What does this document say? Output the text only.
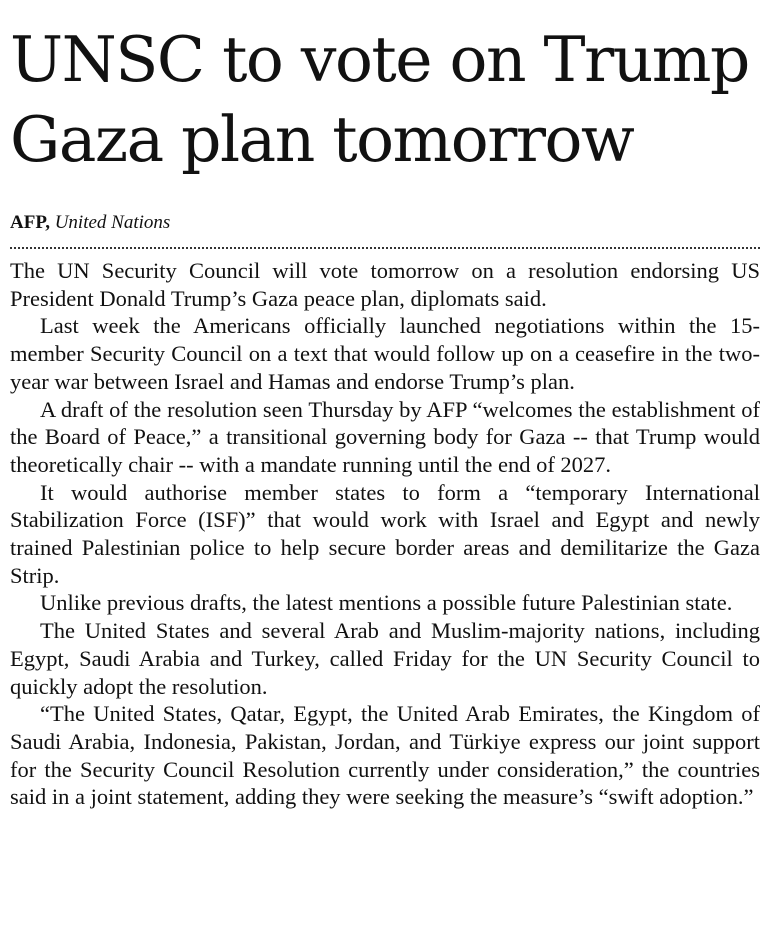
UNSC to vote on Trump Gaza plan tomorrow
AFP, United Nations

The UN Security Council will vote tomorrow on a resolution endorsing US President Donald Trump’s Gaza peace plan, diplomats said.

Last week the Americans officially launched negotiations within the 15-member Security Council on a text that would follow up on a ceasefire in the two-year war between Israel and Hamas and endorse Trump’s plan.

A draft of the resolution seen Thursday by AFP “welcomes the establishment of the Board of Peace,” a transitional governing body for Gaza -- that Trump would theoretically chair -- with a mandate running until the end of 2027.

It would authorise member states to form a “temporary International Stabilization Force (ISF)” that would work with Israel and Egypt and newly trained Palestinian police to help secure border areas and demilitarize the Gaza Strip.

Unlike previous drafts, the latest mentions a possible future Palestinian state.

The United States and several Arab and Muslim-majority nations, including Egypt, Saudi Arabia and Turkey, called Friday for the UN Security Council to quickly adopt the resolution.

“The United States, Qatar, Egypt, the United Arab Emirates, the Kingdom of Saudi Arabia, Indonesia, Pakistan, Jordan, and Türkiye express our joint support for the Security Council Resolution currently under consideration,” the countries said in a joint statement, adding they were seeking the measure’s “swift adoption.”
